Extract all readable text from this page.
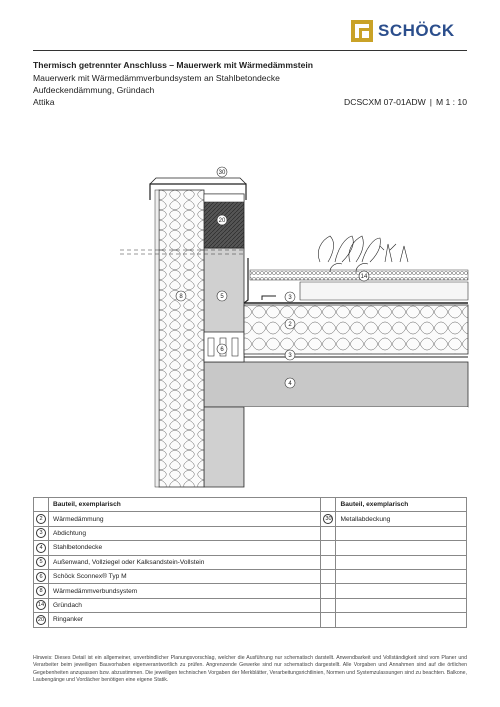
SCHÖCK
Thermisch getrennter Anschluss – Mauerwerk mit Wärmedämmstein
Mauerwerk mit Wärmedämmverbundsystem an Stahlbetondecke
Aufdeckendämmung, Gründach
Attika	DCSCXM 07-01ADW | M 1 : 10
30
20
14
8	5	3
2
6
3
4
	Bauteil, exemplarisch		Bauteil, exemplarisch
2	Wärmedämmung	30	Metallabdeckung
3	Abdichtung		
4	Stahlbetondecke		
5	Außenwand, Vollziegel oder Kalksandstein-Vollstein		
6	Schöck Sconnex® Typ M		
8	Wärmedämmverbundsystem		
14	Gründach		
20	Ringanker		
Hinweis: Dieses Detail ist ein allgemeiner, unverbindlicher Planungsvorschlag, welcher die Ausführung nur schematisch darstellt. Anwendbarkeit und Vollständigkeit sind vom Planer und Verarbeiter beim jeweiligen Bauvorhaben eigenverantwortlich zu prüfen. Angrenzende Gewerke sind nur schematisch dargestellt. Alle Vorgaben und Annahmen sind auf die örtlichen Gegebenheiten anzupassen bzw. abzustimmen. Die jeweiligen technischen Vorgaben der Merkblätter, Verarbeitungsrichtlinien, Normen und Systemzulassungen sind zu beachten. Balkone, Laubengänge und Vordächer benötigen eine eigene Statik.
